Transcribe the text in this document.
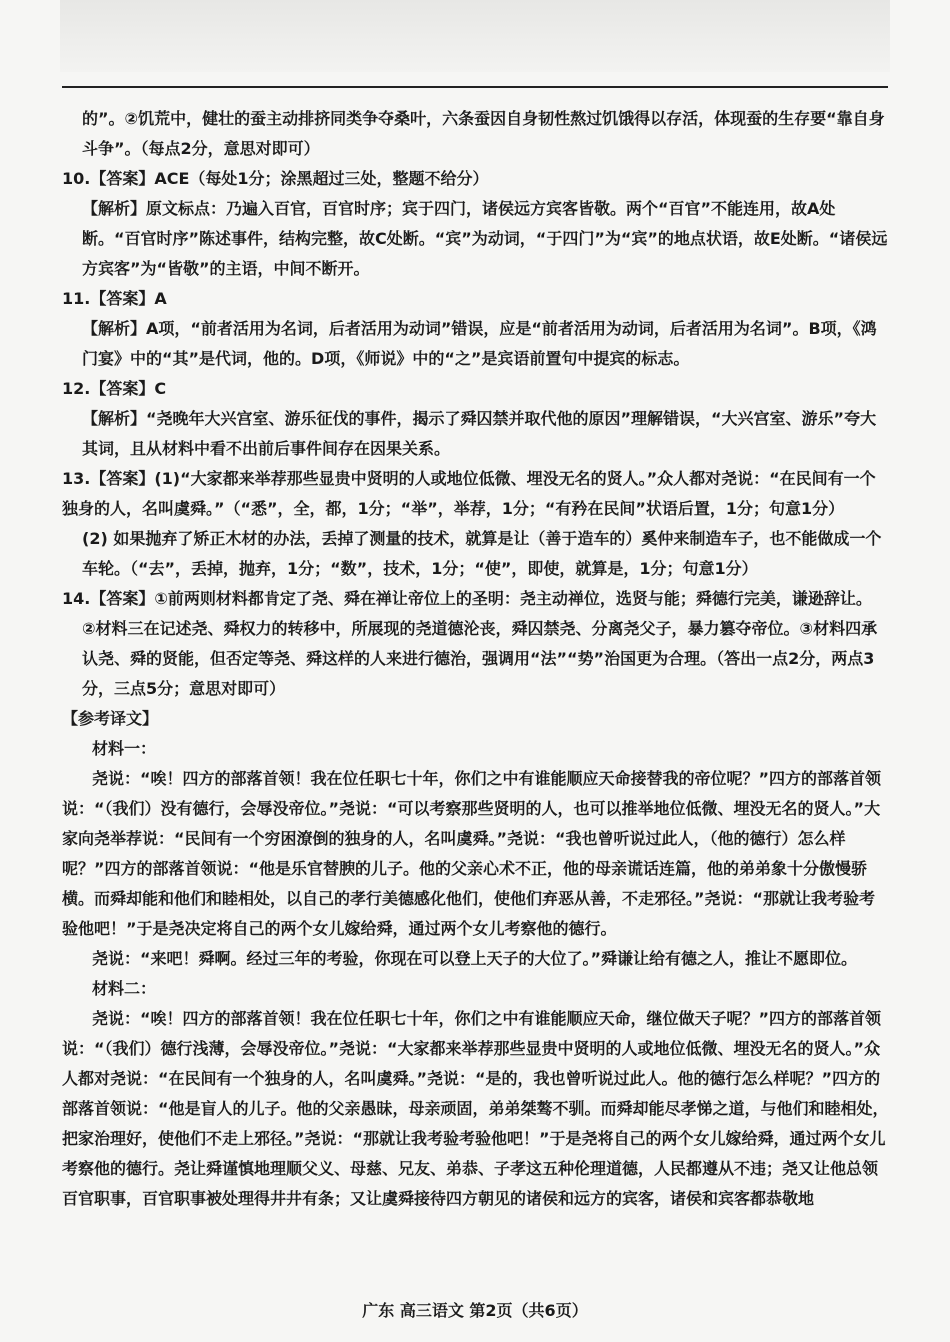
的”。②饥荒中，健壮的蚕主动排挤同类争夺桑叶，六条蚕因自身韧性熬过饥饿得以存活，体现蚕的生存要“靠自身斗争”。（每点2分，意思对即可）

10.【答案】ACE（每处1分；涂黑超过三处，整题不给分）

【解析】原文标点：乃遍入百官，百官时序；宾于四门，诸侯远方宾客皆敬。两个“百官”不能连用，故A处断。“百官时序”陈述事件，结构完整，故C处断。“宾”为动词，“于四门”为“宾”的地点状语，故E处断。“诸侯远方宾客”为“皆敬”的主语，中间不断开。

11.【答案】A

【解析】A项，“前者活用为名词，后者活用为动词”错误，应是“前者活用为动词，后者活用为名词”。B项，《鸿门宴》中的“其”是代词，他的。D项，《师说》中的“之”是宾语前置句中提宾的标志。

12.【答案】C

【解析】“尧晚年大兴宫室、游乐征伐的事件，揭示了舜囚禁并取代他的原因”理解错误，“大兴宫室、游乐”夸大其词，且从材料中看不出前后事件间存在因果关系。

13.【答案】(1)“大家都来举荐那些显贵中贤明的人或地位低微、埋没无名的贤人。”众人都对尧说：“在民间有一个独身的人，名叫虞舜。”（“悉”，全，都，1分；“举”，举荐，1分；“有矜在民间”状语后置，1分；句意1分）

(2) 如果抛弃了矫正木材的办法，丢掉了测量的技术，就算是让（善于造车的）奚仲来制造车子，也不能做成一个车轮。（“去”，丢掉，抛弃，1分；“数”，技术，1分；“使”，即使，就算是，1分；句意1分）

14.【答案】①前两则材料都肯定了尧、舜在禅让帝位上的圣明：尧主动禅位，选贤与能；舜德行完美，谦逊辞让。

②材料三在记述尧、舜权力的转移中，所展现的尧道德沦丧，舜囚禁尧、分离尧父子，暴力篡夺帝位。③材料四承认尧、舜的贤能，但否定等尧、舜这样的人来进行德治，强调用“法”“势”治国更为合理。（答出一点2分，两点3分，三点5分；意思对即可）

【参考译文】

材料一：

尧说：“唉！四方的部落首领！我在位任职七十年，你们之中有谁能顺应天命接替我的帝位呢？”四方的部落首领说：“（我们）没有德行，会辱没帝位。”尧说：“可以考察那些贤明的人，也可以推举地位低微、埋没无名的贤人。”大家向尧举荐说：“民间有一个穷困潦倒的独身的人，名叫虞舜。”尧说：“我也曾听说过此人，（他的德行）怎么样呢？”四方的部落首领说：“他是乐官替腴的儿子。他的父亲心术不正，他的母亲谎话连篇，他的弟弟象十分傲慢骄横。而舜却能和他们和睦相处，以自己的孝行美德感化他们，使他们弃恶从善，不走邪径。”尧说：“那就让我考验考验他吧！”于是尧决定将自己的两个女儿嫁给舜，通过两个女儿考察他的德行。

尧说：“来吧！舜啊。经过三年的考验，你现在可以登上天子的大位了。”舜谦让给有德之人，推让不愿即位。

材料二：

尧说：“唉！四方的部落首领！我在位任职七十年，你们之中有谁能顺应天命，继位做天子呢？”四方的部落首领说：“（我们）德行浅薄，会辱没帝位。”尧说：“大家都来举荐那些显贵中贤明的人或地位低微、埋没无名的贤人。”众人都对尧说：“在民间有一个独身的人，名叫虞舜。”尧说：“是的，我也曾听说过此人。他的德行怎么样呢？”四方的部落首领说：“他是盲人的儿子。他的父亲愚昧，母亲顽固，弟弟桀骜不驯。而舜却能尽孝悌之道，与他们和睦相处，把家治理好，使他们不走上邪径。”尧说：“那就让我考验考验他吧！”于是尧将自己的两个女儿嫁给舜，通过两个女儿考察他的德行。尧让舜谨慎地理顺父义、母慈、兄友、弟恭、子孝这五种伦理道德，人民都遵从不违；尧又让他总领百官职事，百官职事被处理得井井有条；又让虞舜接待四方朝见的诸侯和远方的宾客，诸侯和宾客都恭敬地

广东 高三语文 第2页（共6页）
